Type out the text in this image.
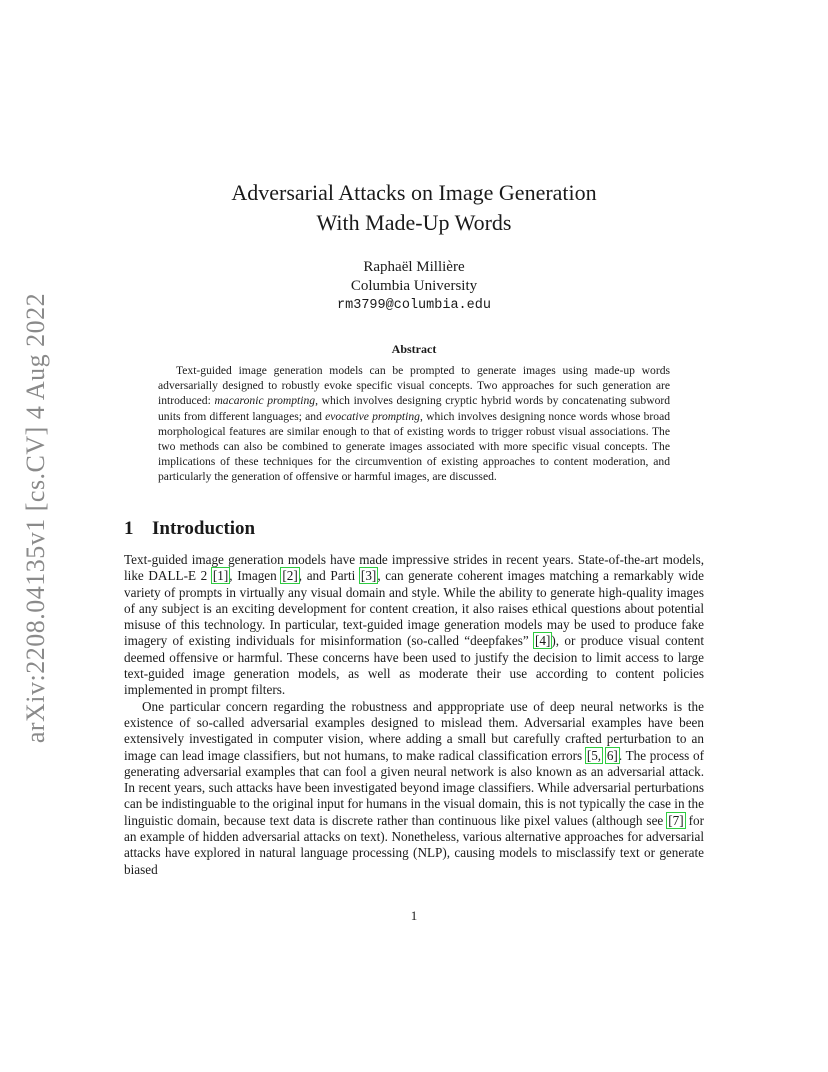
arXiv:2208.04135v1 [cs.CV] 4 Aug 2022
Adversarial Attacks on Image Generation
With Made-Up Words
Raphaël Millière
Columbia University
rm3799@columbia.edu
Abstract

Text-guided image generation models can be prompted to generate images using made-up words adversarially designed to robustly evoke specific visual concepts. Two approaches for such generation are introduced: macaronic prompting, which involves designing cryptic hybrid words by concatenating subword units from different languages; and evocative prompting, which involves designing nonce words whose broad morphological features are similar enough to that of existing words to trigger robust visual associations. The two methods can also be combined to generate images associated with more specific visual concepts. The implications of these techniques for the circumvention of existing approaches to content moderation, and particularly the generation of offensive or harmful images, are discussed.

1 Introduction

Text-guided image generation models have made impressive strides in recent years. State-of-the-art models, like DALL-E 2 [1], Imagen [2], and Parti [3], can generate coherent images matching a remarkably wide variety of prompts in virtually any visual domain and style. While the ability to generate high-quality images of any subject is an exciting development for content creation, it also raises ethical questions about potential misuse of this technology. In particular, text-guided image generation models may be used to produce fake imagery of existing individuals for misinformation (so-called “deepfakes” [4]), or produce visual content deemed offensive or harmful. These concerns have been used to justify the decision to limit access to large text-guided image generation models, as well as moderate their use according to content policies implemented in prompt filters.

One particular concern regarding the robustness and apppropriate use of deep neural networks is the existence of so-called adversarial examples designed to mislead them. Adversarial examples have been extensively investigated in computer vision, where adding a small but carefully crafted perturbation to an image can lead image classifiers, but not humans, to make radical classification errors [5, 6]. The process of generating adversarial examples that can fool a given neural network is also known as an adversarial attack. In recent years, such attacks have been investigated beyond image classifiers. While adversarial perturbations can be indistinguable to the original input for humans in the visual domain, this is not typically the case in the linguistic domain, because text data is discrete rather than continuous like pixel values (although see [7] for an example of hidden adversarial attacks on text). Nonetheless, various alternative approaches for adversarial attacks have explored in natural language processing (NLP), causing models to misclassify text or generate biased

1
